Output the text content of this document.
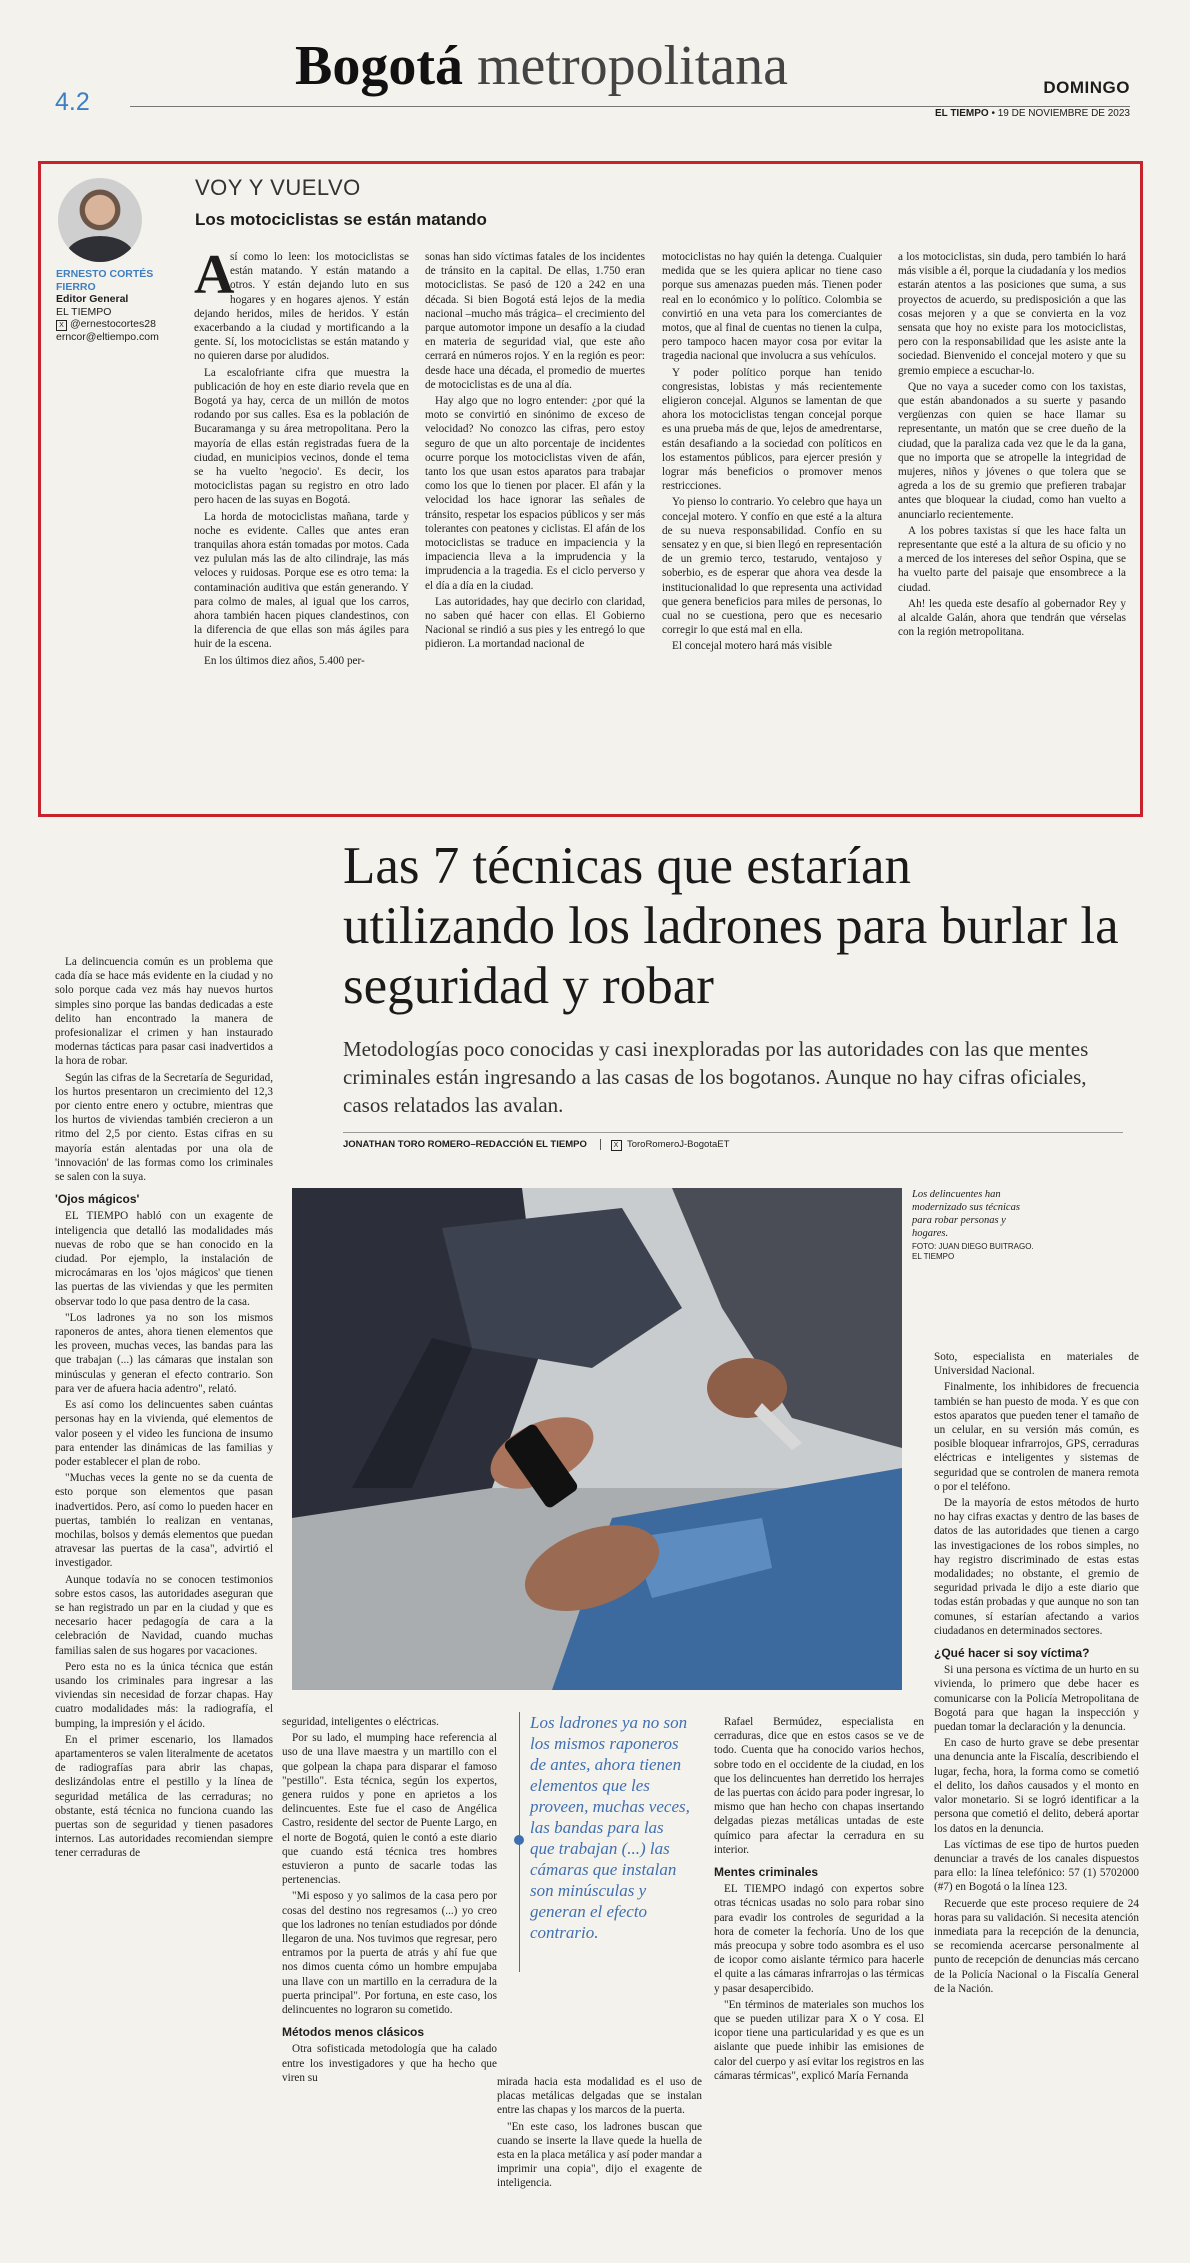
4.2
Bogotá metropolitana	DOMINGO
EL TIEMPO • 19 DE NOVIEMBRE DE 2023
ERNESTO CORTÉS FIERRO
Editor General
EL TIEMPO
X @ernestocortes28
erncor@eltiempo.com
VOY Y VUELVO
Los motociclistas se están matando
A

sí como lo leen: los motociclistas se están matando. Y están matando a otros. Y están dejando luto en sus hogares y en hogares ajenos. Y están dejando heridos, miles de heridos. Y están exacerbando a la ciudad y mortificando a la gente. Sí, los motociclistas se están matando y no quieren darse por aludidos.

La escalofriante cifra que muestra la publicación de hoy en este diario revela que en Bogotá ya hay, cerca de un millón de motos rodando por sus calles. Esa es la población de Bucaramanga y su área metropolitana. Pero la mayoría de ellas están registradas fuera de la ciudad, en municipios vecinos, donde el tema se ha vuelto 'negocio'. Es decir, los motociclistas pagan su registro en otro lado pero hacen de las suyas en Bogotá.

La horda de motociclistas mañana, tarde y noche es evidente. Calles que antes eran tranquilas ahora están tomadas por motos. Cada vez pululan más las de alto cilindraje, las más veloces y ruidosas. Porque ese es otro tema: la contaminación auditiva que están generando. Y para colmo de males, al igual que los carros, ahora también hacen piques clandestinos, con la diferencia de que ellas son más ágiles para huir de la escena.

En los últimos diez años, 5.400 per-

sonas han sido víctimas fatales de los incidentes de tránsito en la capital. De ellas, 1.750 eran motociclistas. Se pasó de 120 a 242 en una década. Si bien Bogotá está lejos de la media nacional –mucho más trágica– el crecimiento del parque automotor impone un desafío a la ciudad en materia de seguridad vial, que este año cerrará en números rojos. Y en la región es peor: desde hace una década, el promedio de muertes de motociclistas es de una al día.

Hay algo que no logro entender: ¿por qué la moto se convirtió en sinónimo de exceso de velocidad? No conozco las cifras, pero estoy seguro de que un alto porcentaje de incidentes ocurre porque los motociclistas viven de afán, tanto los que usan estos aparatos para trabajar como los que lo tienen por placer. El afán y la velocidad los hace ignorar las señales de tránsito, respetar los espacios públicos y ser más tolerantes con peatones y ciclistas. El afán de los motociclistas se traduce en impaciencia y la impaciencia lleva a la imprudencia y la imprudencia a la tragedia. Es el ciclo perverso y el día a día en la ciudad.

Las autoridades, hay que decirlo con claridad, no saben qué hacer con ellas. El Gobierno Nacional se rindió a sus pies y les entregó lo que pidieron. La mortandad nacional de

motociclistas no hay quién la detenga. Cualquier medida que se les quiera aplicar no tiene caso porque sus amenazas pueden más. Tienen poder real en lo económico y lo político. Colombia se convirtió en una veta para los comerciantes de motos, que al final de cuentas no tienen la culpa, pero tampoco hacen mayor cosa por evitar la tragedia nacional que involucra a sus vehículos.

Y poder político porque han tenido congresistas, lobistas y más recientemente eligieron concejal. Algunos se lamentan de que ahora los motociclistas tengan concejal porque es una prueba más de que, lejos de amedrentarse, están desafiando a la sociedad con políticos en los estamentos públicos, para ejercer presión y lograr más beneficios o promover menos restricciones.

Yo pienso lo contrario. Yo celebro que haya un concejal motero. Y confío en que esté a la altura de su nueva responsabilidad. Confío en su sensatez y en que, si bien llegó en representación de un gremio terco, testarudo, ventajoso y soberbio, es de esperar que ahora vea desde la institucionalidad lo que representa una actividad que genera beneficios para miles de personas, lo cual no se cuestiona, pero que es necesario corregir lo que está mal en ella.

El concejal motero hará más visible

a los motociclistas, sin duda, pero también lo hará más visible a él, porque la ciudadanía y los medios estarán atentos a las posiciones que suma, a sus proyectos de acuerdo, su predisposición a que las cosas mejoren y a que se convierta en la voz sensata que hoy no existe para los motociclistas, pero con la responsabilidad que les asiste ante la sociedad. Bienvenido el concejal motero y que su gremio empiece a escuchar-lo.

Que no vaya a suceder como con los taxistas, que están abandonados a su suerte y pasando vergüenzas con quien se hace llamar su representante, un matón que se cree dueño de la ciudad, que la paraliza cada vez que le da la gana, que no importa que se atropelle la integridad de mujeres, niños y jóvenes o que tolera que se agreda a los de su gremio que prefieren trabajar antes que bloquear la ciudad, como han vuelto a anunciarlo recientemente.

A los pobres taxistas sí que les hace falta un representante que esté a la altura de su oficio y no a merced de los intereses del señor Ospina, que se ha vuelto parte del paisaje que ensombrece a la ciudad.

Ah! les queda este desafío al gobernador Rey y al alcalde Galán, ahora que tendrán que vérselas con la región metropolitana.

Las 7 técnicas que estarían utilizando los ladrones para burlar la seguridad y robar
Metodologías poco conocidas y casi inexploradas por las autoridades con las que mentes criminales están ingresando a las casas de los bogotanos. Aunque no hay cifras oficiales, casos relatados las avalan.
JONATHAN TORO ROMERO–REDACCIÓN EL TIEMPO	X ToroRomeroJ-BogotaET
Los delincuentes han modernizado sus técnicas para robar personas y hogares.
FOTO: JUAN DIEGO BUITRAGO. EL TIEMPO

La delincuencia común es un problema que cada día se hace más evidente en la ciudad y no solo porque cada vez más hay nuevos hurtos simples sino porque las bandas dedicadas a este delito han encontrado la manera de profesionalizar el crimen y han instaurado modernas tácticas para pasar casi inadvertidos a la hora de robar.

Según las cifras de la Secretaría de Seguridad, los hurtos presentaron un crecimiento del 12,3 por ciento entre enero y octubre, mientras que los hurtos de viviendas también crecieron a un ritmo del 2,5 por ciento. Estas cifras en su mayoría están alentadas por una ola de 'innovación' de las formas como los criminales se salen con la suya.

'Ojos mágicos'

EL TIEMPO habló con un exagente de inteligencia que detalló las modalidades más nuevas de robo que se han conocido en la ciudad. Por ejemplo, la instalación de microcámaras en los 'ojos mágicos' que tienen las puertas de las viviendas y que les permiten observar todo lo que pasa dentro de la casa.

"Los ladrones ya no son los mismos raponeros de antes, ahora tienen elementos que les proveen, muchas veces, las bandas para las que trabajan (...) las cámaras que instalan son minúsculas y generan el efecto contrario. Son para ver de afuera hacia adentro", relató.

Es así como los delincuentes saben cuántas personas hay en la vivienda, qué elementos de valor poseen y el video les funciona de insumo para entender las dinámicas de las familias y poder establecer el plan de robo.

"Muchas veces la gente no se da cuenta de esto porque son elementos que pasan inadvertidos. Pero, así como lo pueden hacer en puertas, también lo realizan en ventanas, mochilas, bolsos y demás elementos que puedan atravesar las puertas de la casa", advirtió el investigador.

Aunque todavía no se conocen testimonios sobre estos casos, las autoridades aseguran que se han registrado un par en la ciudad y que es necesario hacer pedagogía de cara a la celebración de Navidad, cuando muchas familias salen de sus hogares por vacaciones.

Pero esta no es la única técnica que están usando los criminales para ingresar a las viviendas sin necesidad de forzar chapas. Hay cuatro modalidades más: la radiografía, el bumping, la impresión y el ácido.

En el primer escenario, los llamados apartamenteros se valen literalmente de acetatos de radiografías para abrir las chapas, deslizándolas entre el pestillo y la línea de seguridad metálica de las cerraduras; no obstante, está técnica no funciona cuando las puertas son de seguridad y tienen pasadores internos. Las autoridades recomiendan siempre tener cerraduras de

seguridad, inteligentes o eléctricas.

Por su lado, el mumping hace referencia al uso de una llave maestra y un martillo con el que golpean la chapa para disparar el famoso "pestillo". Esta técnica, según los expertos, genera ruidos y pone en aprietos a los delincuentes. Este fue el caso de Angélica Castro, residente del sector de Puente Largo, en el norte de Bogotá, quien le contó a este diario que cuando está técnica tres hombres estuvieron a punto de sacarle todas las pertenencias.

"Mi esposo y yo salimos de la casa pero por cosas del destino nos regresamos (...) yo creo que los ladrones no tenían estudiados por dónde llegaron de una. Nos tuvimos que regresar, pero entramos por la puerta de atrás y ahí fue que nos dimos cuenta cómo un hombre empujaba una llave con un martillo en la cerradura de la puerta principal". Por fortuna, en este caso, los delincuentes no lograron su cometido.

Métodos menos clásicos

Otra sofisticada metodología que ha calado entre los investigadores y que ha hecho que viren su

Los ladrones ya no son los mismos raponeros de antes, ahora tienen elementos que les proveen, muchas veces, las bandas para las que trabajan (...) las cámaras que instalan son minúsculas y generan el efecto contrario.

mirada hacia esta modalidad es el uso de placas metálicas delgadas que se instalan entre las chapas y los marcos de la puerta.

"En este caso, los ladrones buscan que cuando se inserte la llave quede la huella de esta en la placa metálica y así poder mandar a imprimir una copia", dijo el exagente de inteligencia.

Rafael Bermúdez, especialista en cerraduras, dice que en estos casos se ve de todo. Cuenta que ha conocido varios hechos, sobre todo en el occidente de la ciudad, en los que los delincuentes han derretido los herrajes de las puertas con ácido para poder ingresar, lo mismo que han hecho con chapas insertando delgadas piezas metálicas untadas de este químico para afectar la cerradura en su interior.

Mentes criminales

EL TIEMPO indagó con expertos sobre otras técnicas usadas no solo para robar sino para evadir los controles de seguridad a la hora de cometer la fechoría. Uno de los que más preocupa y sobre todo asombra es el uso de icopor como aislante térmico para hacerle el quite a las cámaras infrarrojas o las térmicas y pasar desapercibido.

"En términos de materiales son muchos los que se pueden utilizar para X o Y cosa. El icopor tiene una particularidad y es que es un aislante que puede inhibir las emisiones de calor del cuerpo y así evitar los registros en las cámaras térmicas", explicó María Fernanda

Soto, especialista en materiales de Universidad Nacional.

Finalmente, los inhibidores de frecuencia también se han puesto de moda. Y es que con estos aparatos que pueden tener el tamaño de un celular, en su versión más común, es posible bloquear infrarrojos, GPS, cerraduras eléctricas e inteligentes y sistemas de seguridad que se controlen de manera remota o por el teléfono.

De la mayoría de estos métodos de hurto no hay cifras exactas y dentro de las bases de datos de las autoridades que tienen a cargo las investigaciones de los robos simples, no hay registro discriminado de estas estas modalidades; no obstante, el gremio de seguridad privada le dijo a este diario que todas están probadas y que aunque no son tan comunes, sí estarían afectando a varios ciudadanos en determinados sectores.

¿Qué hacer si soy víctima?

Si una persona es víctima de un hurto en su vivienda, lo primero que debe hacer es comunicarse con la Policía Metropolitana de Bogotá para que hagan la inspección y puedan tomar la declaración y la denuncia.

En caso de hurto grave se debe presentar una denuncia ante la Fiscalía, describiendo el lugar, fecha, hora, la forma como se cometió el delito, los daños causados y el monto en valor monetario. Si se logró identificar a la persona que cometió el delito, deberá aportar los datos en la denuncia.

Las víctimas de ese tipo de hurtos pueden denunciar a través de los canales dispuestos para ello: la línea telefónico: 57 (1) 5702000 (#7) en Bogotá o la línea 123.

Recuerde que este proceso requiere de 24 horas para su validación. Si necesita atención inmediata para la recepción de la denuncia, se recomienda acercarse personalmente al punto de recepción de denuncias más cercano de la Policía Nacional o la Fiscalía General de la Nación.
